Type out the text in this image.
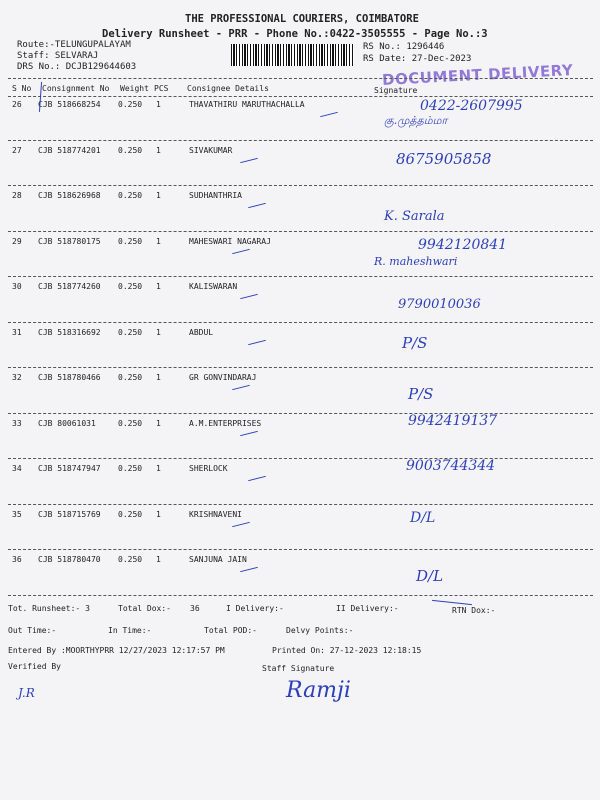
THE PROFESSIONAL COURIERS, COIMBATORE
Delivery Runsheet - PRR - Phone No.:0422-3505555 - Page No.:3
Route:-TELUNGUPALAYAM
Staff: SELVARAJ
DRS No.: DCJB129644603
RS No.: 1296446
RS Date: 27-Dec-2023
DOCUMENT DELIVERY
S No Consignment No Weight PCS Consignee Details	Signature
26 CJB 518668254 0.250 1	THAVATHIRU MARUTHACHALLA	0422-2607995
கு.முத்தம்மா
27 CJB 518774201 0.250 1	SIVAKUMAR	8675905858
28 CJB 518626968 0.250 1	SUDHANTHRIA
K. Sarala
29 CJB 518780175 0.250 1	MAHESWARI NAGARAJ	9942120841
R. maheshwari
30 CJB 518774260 0.250 1	KALISWARAN
9790010036
31 CJB 518316692 0.250 1	ABDUL
P/S
32 CJB 518780466 0.250 1	GR GONVINDARAJ
P/S
33 CJB 80061031	0.250 1	A.M.ENTERPRISES	9942419137
34 CJB 518747947 0.250 1	SHERLOCK	9003744344
35 CJB 518715769 0.250 1	KRISHNAVENI	D/L
36 CJB 518780470 0.250 1	SANJUNA JAIN
D/L
Tot. Runsheet:- 3	Total Dox:- 36	I Delivery:-	II Delivery:-	RTN Dox:-
Out Time:-	In Time:-	Total POD:-	Delvy Points:-
Entered By :MOORTHYPRR 12/27/2023 12:17:57 PM	Printed On: 27-12-2023 12:18:15
Verified By	Staff Signature
J.R	Ramji
